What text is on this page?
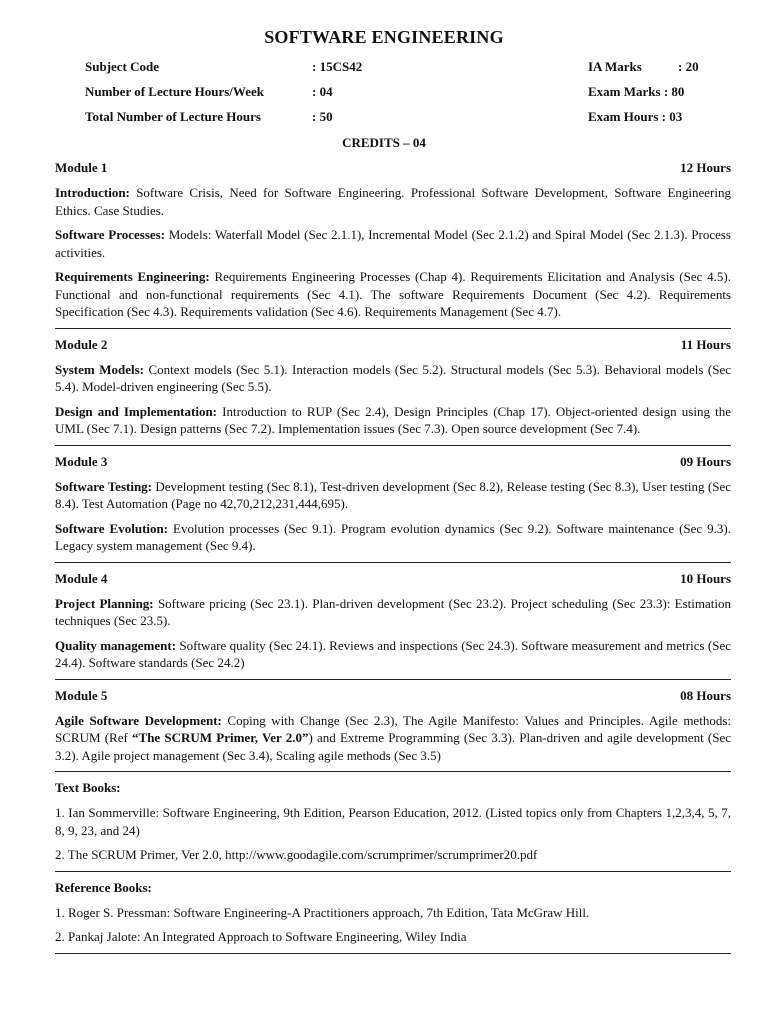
SOFTWARE ENGINEERING
Subject Code	: 15CS42	IA Marks	: 20
Number of Lecture Hours/Week	: 04	Exam Marks : 80
Total Number of Lecture Hours	: 50	Exam Hours : 03
CREDITS – 04
Module 1	12 Hours
Introduction: Software Crisis, Need for Software Engineering. Professional Software Development, Software Engineering Ethics. Case Studies.
Software Processes: Models: Waterfall Model (Sec 2.1.1), Incremental Model (Sec 2.1.2) and Spiral Model (Sec 2.1.3). Process activities.
Requirements Engineering: Requirements Engineering Processes (Chap 4). Requirements Elicitation and Analysis (Sec 4.5). Functional and non-functional requirements (Sec 4.1). The software Requirements Document (Sec 4.2). Requirements Specification (Sec 4.3). Requirements validation (Sec 4.6). Requirements Management (Sec 4.7).
Module 2	11 Hours
System Models: Context models (Sec 5.1). Interaction models (Sec 5.2). Structural models (Sec 5.3). Behavioral models (Sec 5.4). Model-driven engineering (Sec 5.5).
Design and Implementation: Introduction to RUP (Sec 2.4), Design Principles (Chap 17). Object-oriented design using the UML (Sec 7.1). Design patterns (Sec 7.2). Implementation issues (Sec 7.3). Open source development (Sec 7.4).
Module 3	09 Hours
Software Testing: Development testing (Sec 8.1), Test-driven development (Sec 8.2), Release testing (Sec 8.3), User testing (Sec 8.4). Test Automation (Page no 42,70,212,231,444,695).
Software Evolution: Evolution processes (Sec 9.1). Program evolution dynamics (Sec 9.2). Software maintenance (Sec 9.3). Legacy system management (Sec 9.4).
Module 4	10 Hours
Project Planning: Software pricing (Sec 23.1). Plan-driven development (Sec 23.2). Project scheduling (Sec 23.3): Estimation techniques (Sec 23.5).
Quality management: Software quality (Sec 24.1). Reviews and inspections (Sec 24.3). Software measurement and metrics (Sec 24.4). Software standards (Sec 24.2)
Module 5	08 Hours
Agile Software Development: Coping with Change (Sec 2.3), The Agile Manifesto: Values and Principles. Agile methods: SCRUM (Ref “The SCRUM Primer, Ver 2.0”) and Extreme Programming (Sec 3.3). Plan-driven and agile development (Sec 3.2). Agile project management (Sec 3.4), Scaling agile methods (Sec 3.5)
Text Books:
1. Ian Sommerville: Software Engineering, 9th Edition, Pearson Education, 2012. (Listed topics only from Chapters 1,2,3,4, 5, 7, 8, 9, 23, and 24)
2. The SCRUM Primer, Ver 2.0, http://www.goodagile.com/scrumprimer/scrumprimer20.pdf
Reference Books:
1. Roger S. Pressman: Software Engineering-A Practitioners approach, 7th Edition, Tata McGraw Hill.
2. Pankaj Jalote: An Integrated Approach to Software Engineering, Wiley India
